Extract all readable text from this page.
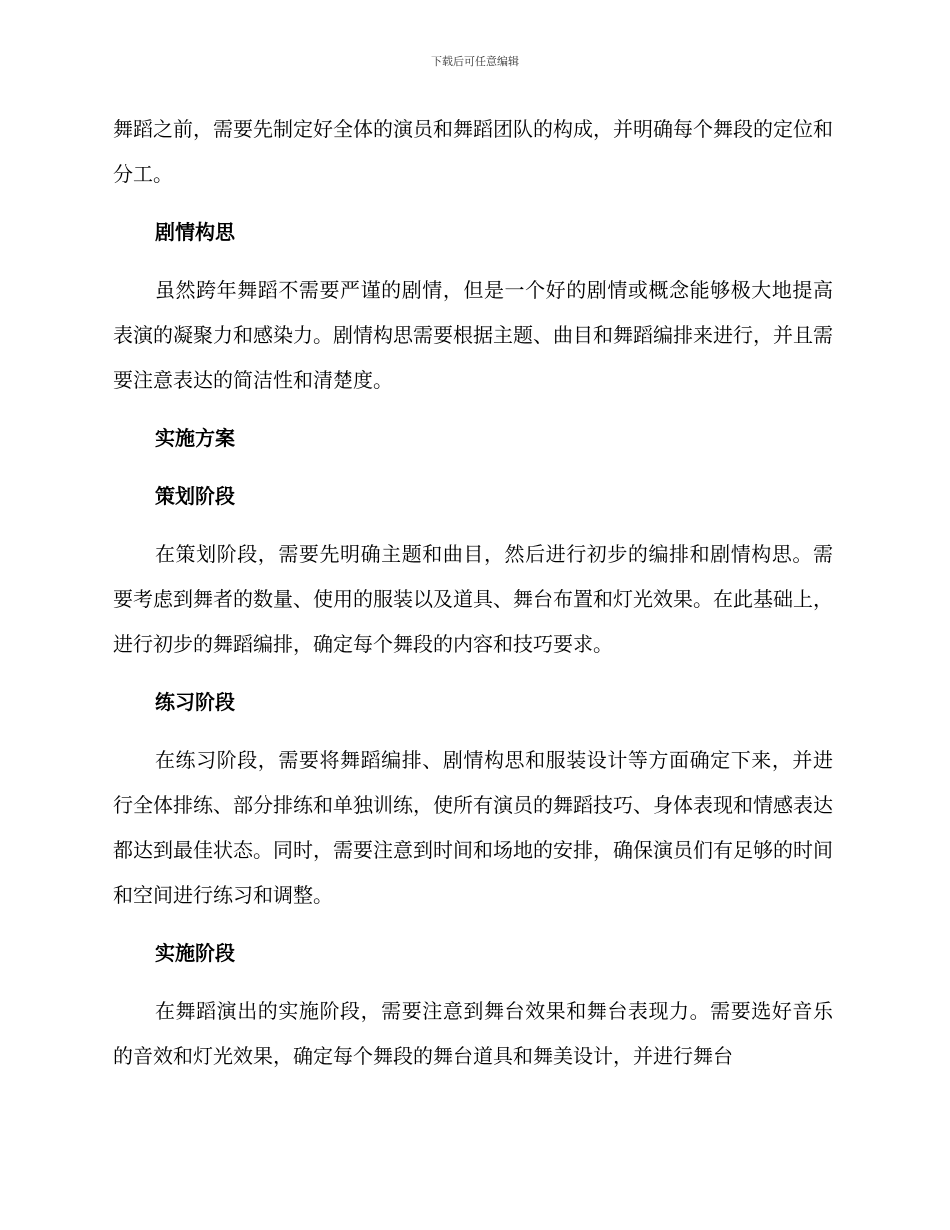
下载后可任意编辑

舞蹈之前，需要先制定好全体的演员和舞蹈团队的构成，并明确每个舞段的定位和分工。

剧情构思

虽然跨年舞蹈不需要严谨的剧情，但是一个好的剧情或概念能够极大地提高表演的凝聚力和感染力。剧情构思需要根据主题、曲目和舞蹈编排来进行，并且需要注意表达的简洁性和清楚度。

实施方案
策划阶段

在策划阶段，需要先明确主题和曲目，然后进行初步的编排和剧情构思。需要考虑到舞者的数量、使用的服装以及道具、舞台布置和灯光效果。在此基础上，进行初步的舞蹈编排，确定每个舞段的内容和技巧要求。

练习阶段

在练习阶段，需要将舞蹈编排、剧情构思和服装设计等方面确定下来，并进行全体排练、部分排练和单独训练，使所有演员的舞蹈技巧、身体表现和情感表达都达到最佳状态。同时，需要注意到时间和场地的安排，确保演员们有足够的时间和空间进行练习和调整。

实施阶段

在舞蹈演出的实施阶段，需要注意到舞台效果和舞台表现力。需要选好音乐的音效和灯光效果，确定每个舞段的舞台道具和舞美设计，并进行舞台
